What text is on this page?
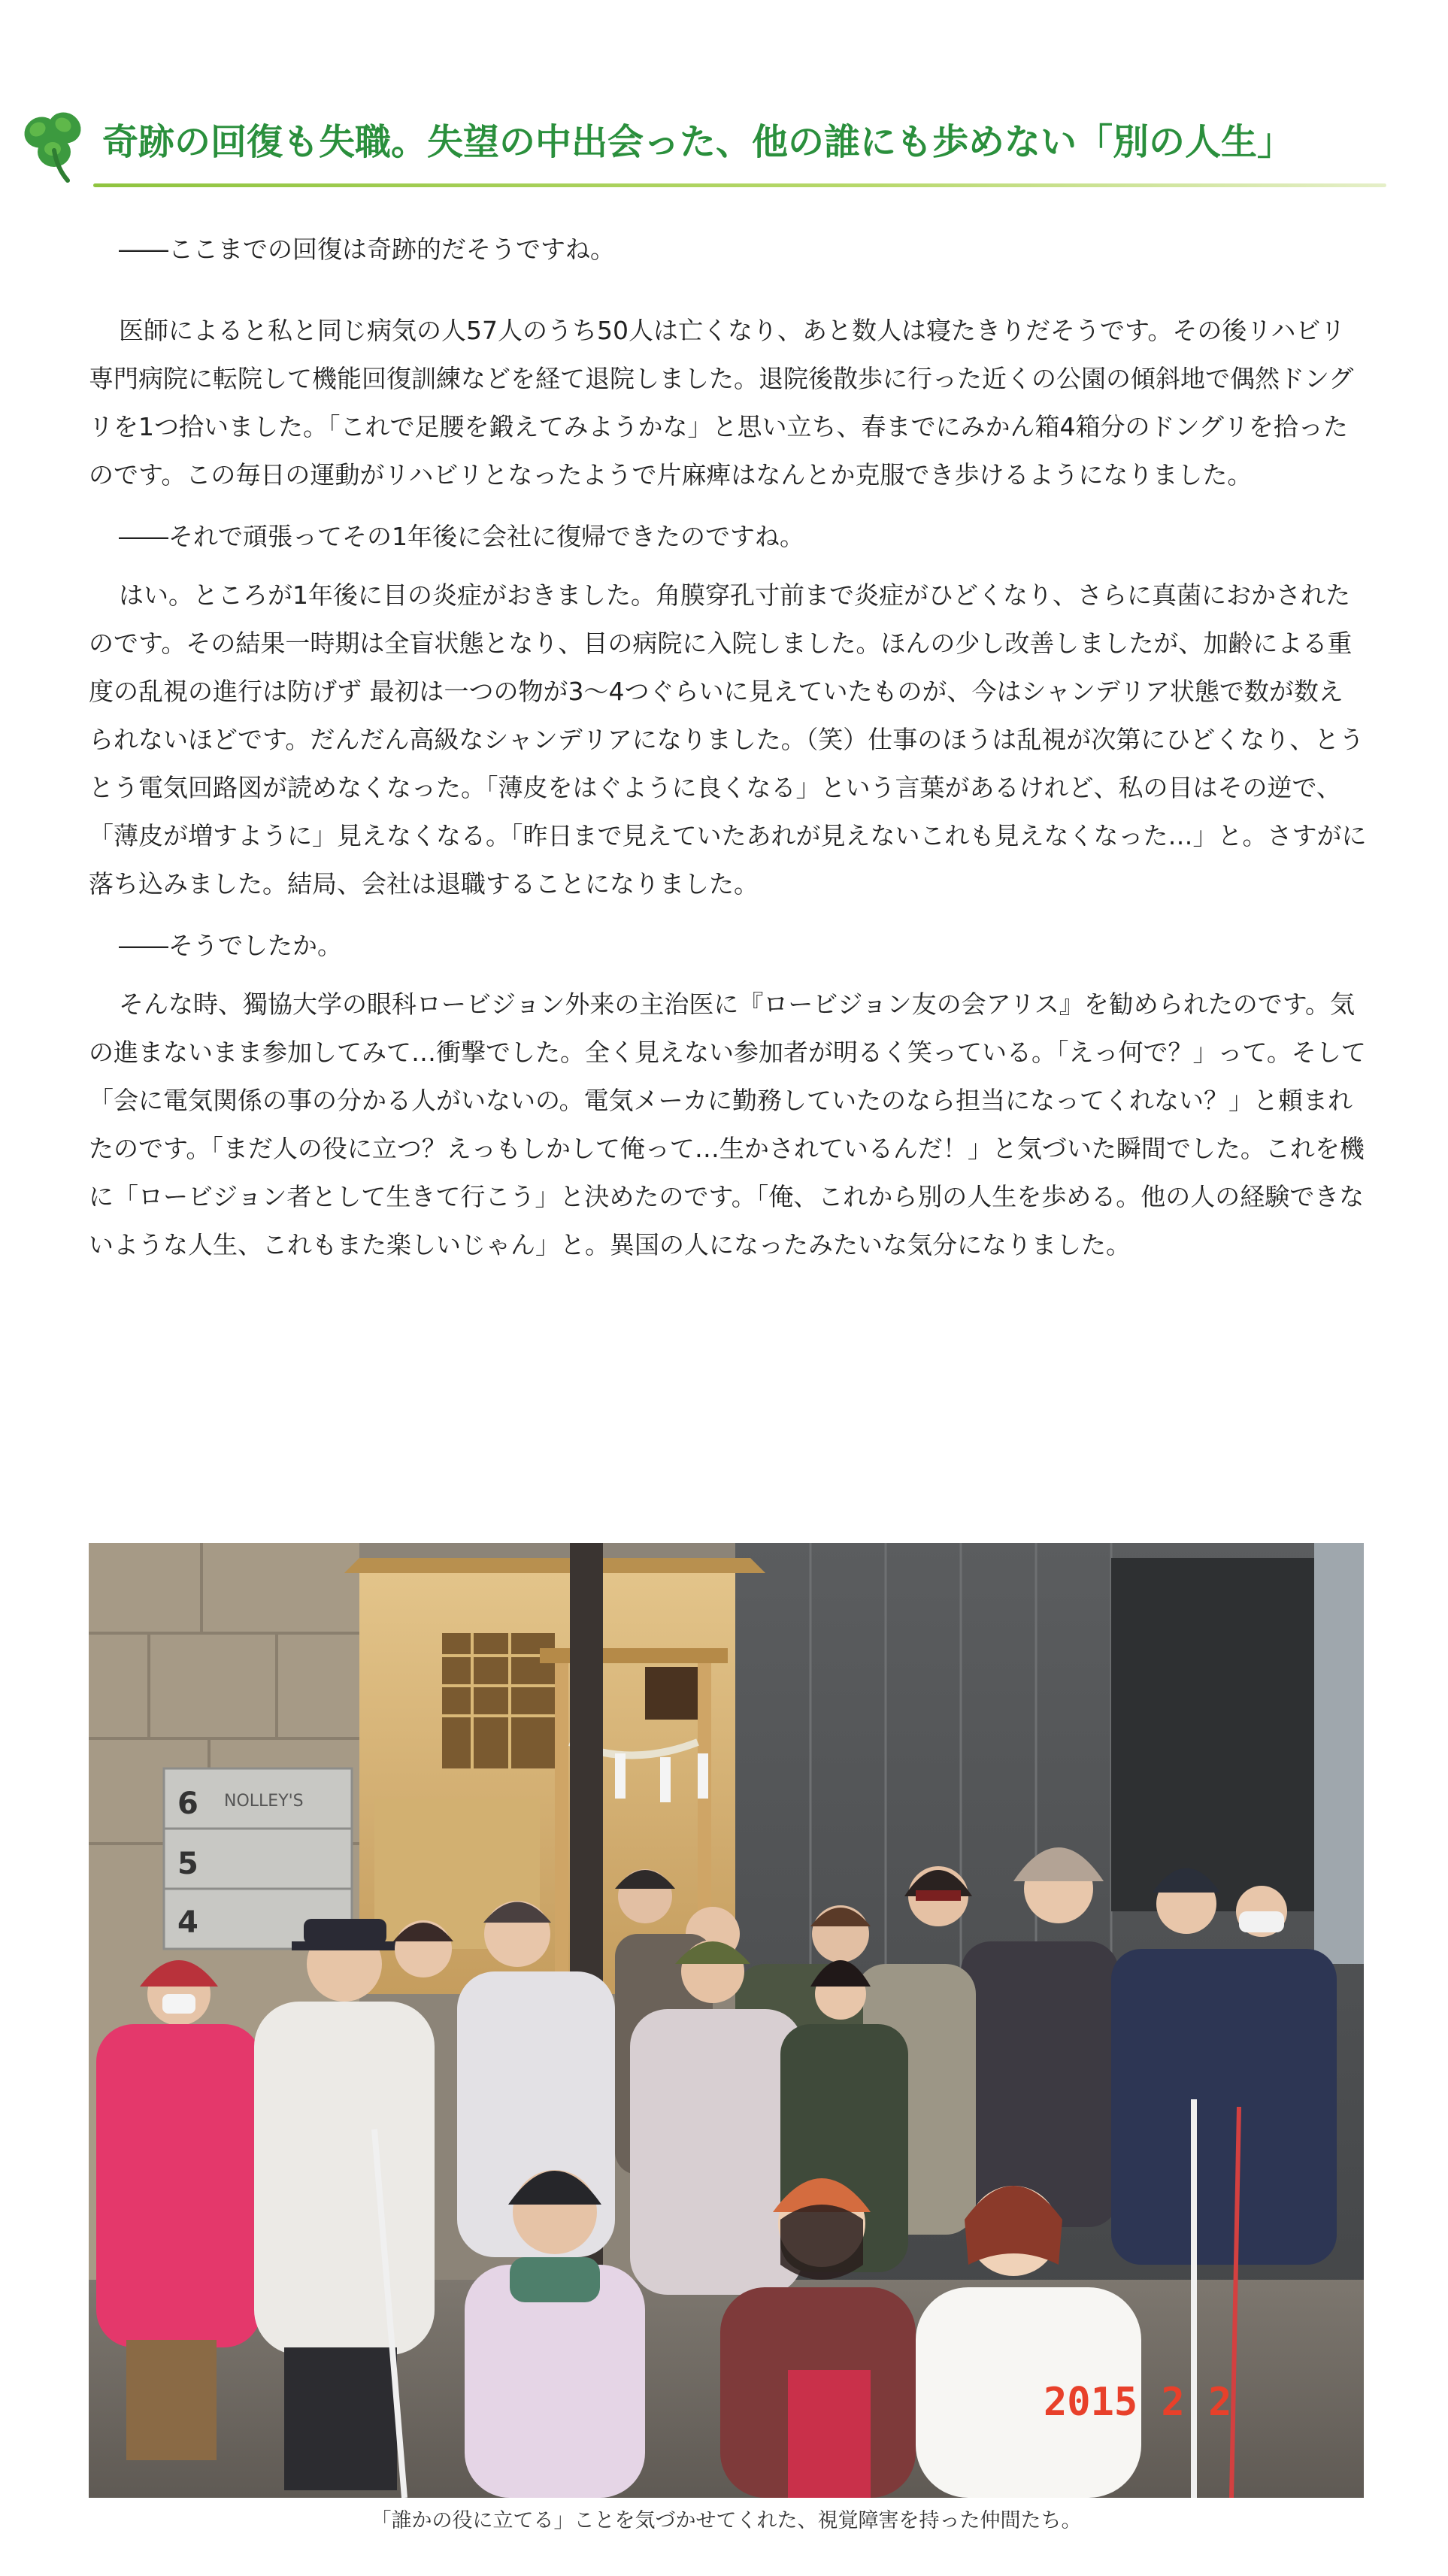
奇跡の回復も失職。失望の中出会った、他の誰にも歩めない「別の人生」

――ここまでの回復は奇跡的だそうですね。

医師によると私と同じ病気の人57人のうち50人は亡くなり、あと数人は寝たきりだそうです。その後リハビリ専門病院に転院して機能回復訓練などを経て退院しました。退院後散歩に行った近くの公園の傾斜地で偶然ドングリを1つ拾いました。「これで足腰を鍛えてみようかな」と思い立ち、春までにみかん箱4箱分のドングリを拾ったのです。この毎日の運動がリハビリとなったようで片麻痺はなんとか克服でき歩けるようになりました。

――それで頑張ってその1年後に会社に復帰できたのですね。

はい。ところが1年後に目の炎症がおきました。角膜穿孔寸前まで炎症がひどくなり、さらに真菌におかされたのです。その結果一時期は全盲状態となり、目の病院に入院しました。ほんの少し改善しましたが、加齢による重度の乱視の進行は防げず 最初は一つの物が3～4つぐらいに見えていたものが、今はシャンデリア状態で数が数えられないほどです。だんだん高級なシャンデリアになりました。（笑）仕事のほうは乱視が次第にひどくなり、とうとう電気回路図が読めなくなった。「薄皮をはぐように良くなる」という言葉があるけれど、私の目はその逆で、「薄皮が増すように」見えなくなる。「昨日まで見えていたあれが見えないこれも見えなくなった…」と。さすがに落ち込みました。結局、会社は退職することになりました。

――そうでしたか。

そんな時、獨協大学の眼科ロービジョン外来の主治医に『ロービジョン友の会アリス』を勧められたのです。気の進まないまま参加してみて…衝撃でした。全く見えない参加者が明るく笑っている。「えっ何で？」って。そして「会に電気関係の事の分かる人がいないの。電気メーカに勤務していたのなら担当になってくれない？」と頼まれたのです。「まだ人の役に立つ？えっもしかして俺って…生かされているんだ！」と気づいた瞬間でした。これを機に「ロービジョン者として生きて行こう」と決めたのです。「俺、これから別の人生を歩める。他の人の経験できないような人生、これもまた楽しいじゃん」と。異国の人になったみたいな気分になりました。

6
5
4
NOLLEY'S
2015 2 2
「誰かの役に立てる」ことを気づかせてくれた、視覚障害を持った仲間たち。
